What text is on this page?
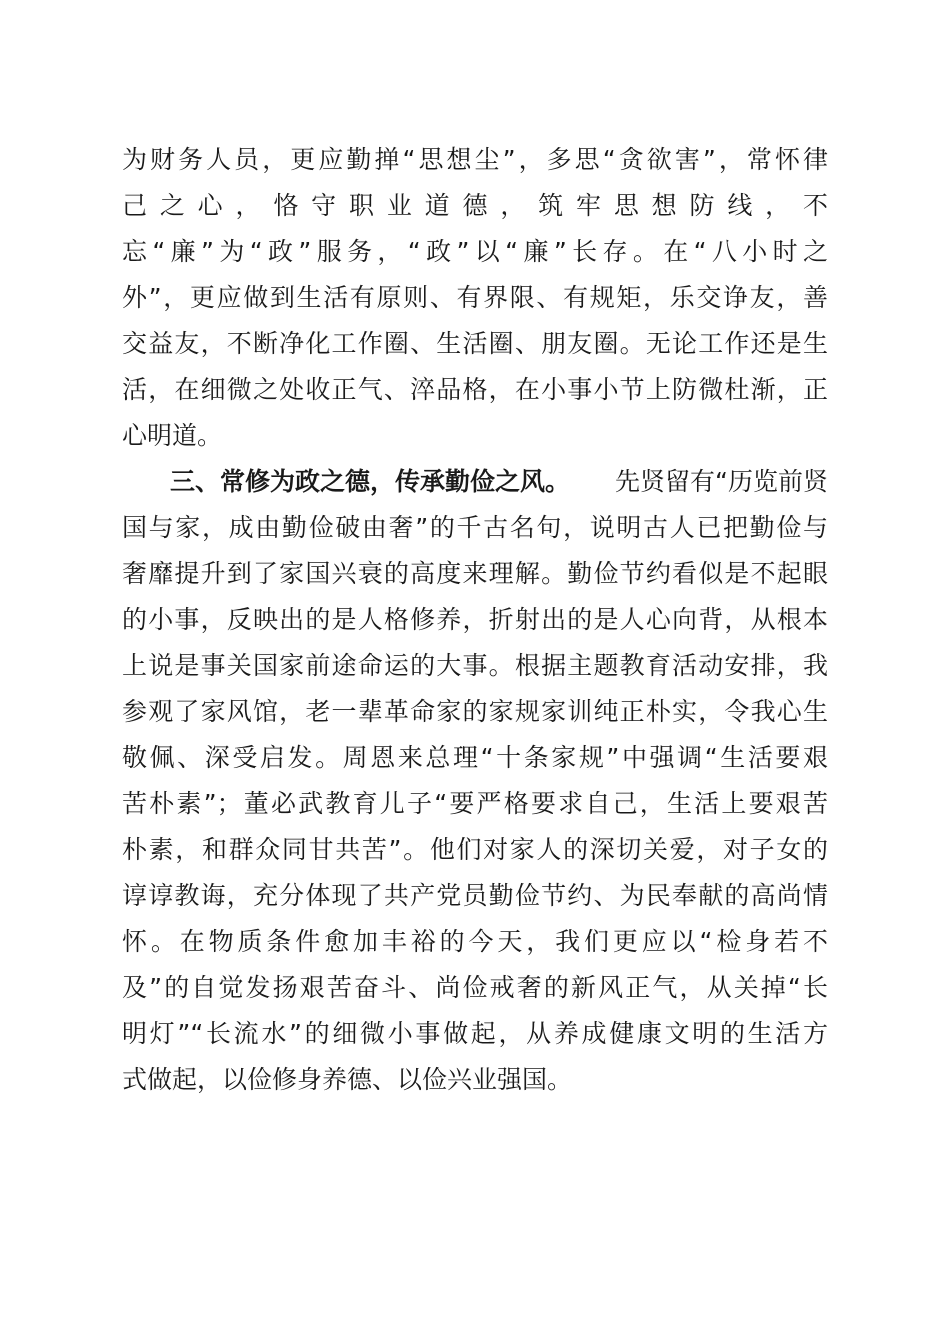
为财务人员，更应勤掸“思想尘”，多思“贪欲害”，常怀律
己之心，恪守职业道德，筑牢思想防线，不
忘“廉”为“政”服务，“政”以“廉”长存。在“八小时之
外”，更应做到生活有原则、有界限、有规矩，乐交诤友，善
交益友，不断净化工作圈、生活圈、朋友圈。无论工作还是生
活，在细微之处收正气、淬品格，在小事小节上防微杜渐，正
心明道。
三、常修为政之德，传承勤俭之风。 先贤留有“历览前贤
国与家，成由勤俭破由奢”的千古名句，说明古人已把勤俭与
奢靡提升到了家国兴衰的高度来理解。勤俭节约看似是不起眼
的小事，反映出的是人格修养，折射出的是人心向背，从根本
上说是事关国家前途命运的大事。根据主题教育活动安排，我
参观了家风馆，老一辈革命家的家规家训纯正朴实，令我心生
敬佩、深受启发。周恩来总理“十条家规”中强调“生活要艰
苦朴素”；董必武教育儿子“要严格要求自己，生活上要艰苦
朴素，和群众同甘共苦”。他们对家人的深切关爱，对子女的
谆谆教诲，充分体现了共产党员勤俭节约、为民奉献的高尚情
怀。在物质条件愈加丰裕的今天，我们更应以“检身若不
及”的自觉发扬艰苦奋斗、尚俭戒奢的新风正气，从关掉“长
明灯”“长流水”的细微小事做起，从养成健康文明的生活方
式做起，以俭修身养德、以俭兴业强国。
